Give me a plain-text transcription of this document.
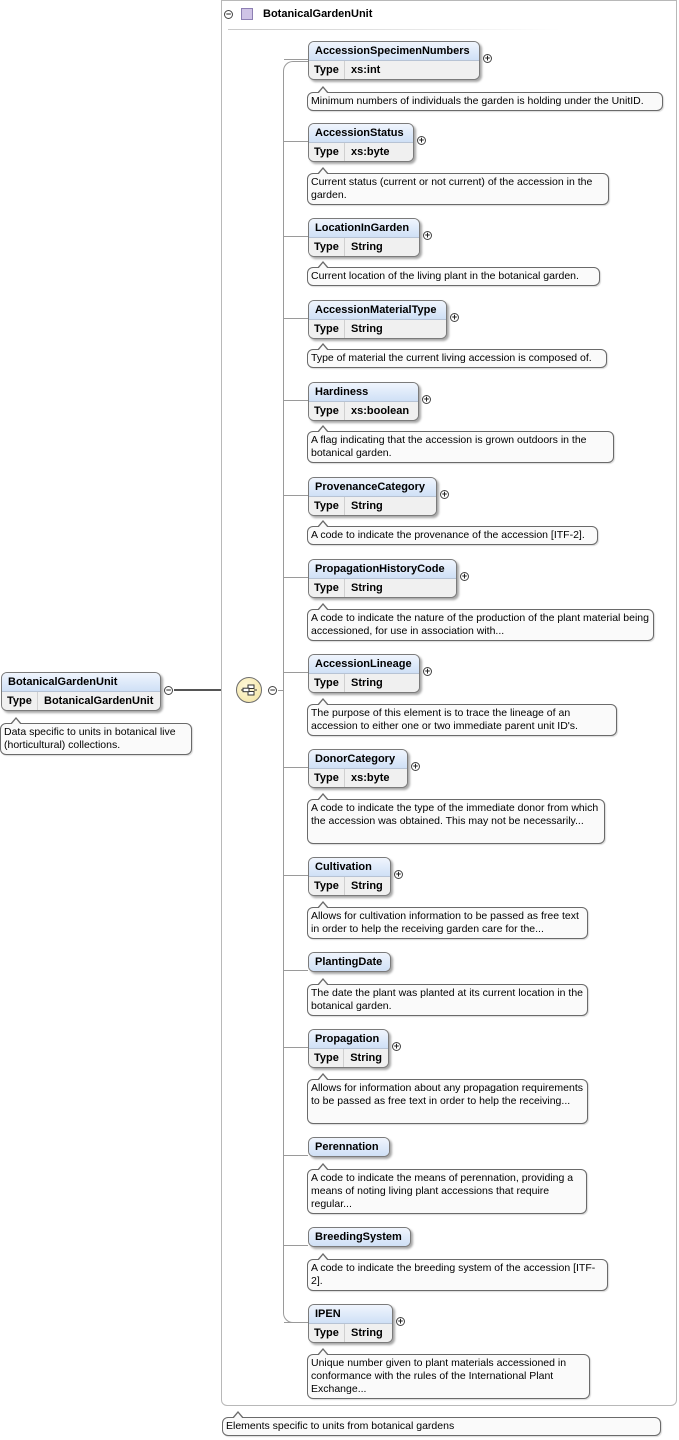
BotanicalGardenUnit
Type	BotanicalGardenUnit
−
Data specific to units in botanical live (horticultural) collections.
−	BotanicalGardenUnit
Elements specific to units from botanical gardens
−
+
AccessionSpecimenNumbers
Type	xs:int
Minimum numbers of individuals the garden is holding under the UnitID.
+
AccessionStatus
Type	xs:byte
Current status (current or not current) of the accession in the garden.
+
LocationInGarden
Type	String
Current location of the living plant in the botanical garden.
+
AccessionMaterialType
Type	String
Type of material the current living accession is composed of.
+
Hardiness
Type	xs:boolean
A flag indicating that the accession is grown outdoors in the botanical garden.
+
ProvenanceCategory
Type	String
A code to indicate the provenance of the accession [ITF-2].
+
PropagationHistoryCode
Type	String
A code to indicate the nature of the production of the plant material being accessioned, for use in association with...
+
AccessionLineage
Type	String
The purpose of this element is to trace the lineage of an accession to either one or two immediate parent unit ID's.
+
DonorCategory
Type	xs:byte
A code to indicate the type of the immediate donor from which the accession was obtained. This may not be necessarily...
+
Cultivation
Type	String
Allows for cultivation information to be passed as free text in order to help the receiving garden care for the...
PlantingDate
The date the plant was planted at its current location in the botanical garden.
+
Propagation
Type	String
Allows for information about any propagation requirements to be passed as free text in order to help the receiving...
Perennation
A code to indicate the means of perennation, providing a means of noting living plant accessions that require regular...
BreedingSystem
A code to indicate the breeding system of the accession [ITF-2].
+
IPEN
Type	String
Unique number given to plant materials accessioned in conformance with the rules of the International Plant Exchange...
